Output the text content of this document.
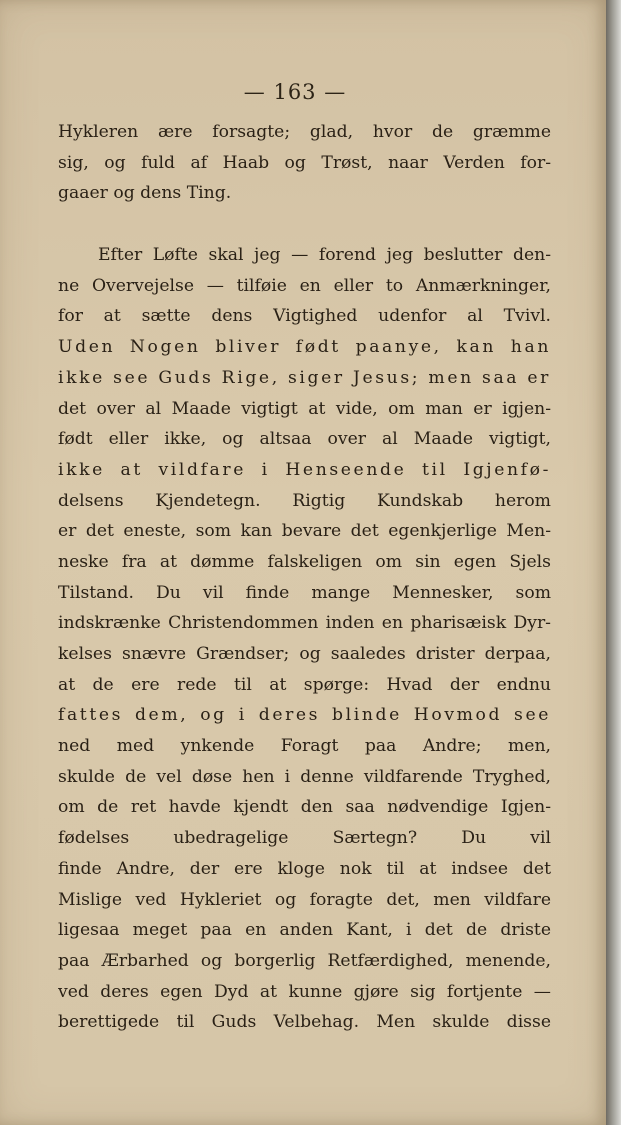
— 163 —
Hykleren ære forsagte; glad, hvor de græmme
sig, og fuld af Haab og Trøst, naar Verden for-
gaaer og dens Ting.
Efter Løfte skal jeg — forend jeg beslutter den-
ne Overvejelse — tilføie en eller to Anmærkninger,
for at sætte dens Vigtighed udenfor al Tvivl.
Uden Nogen bliver født paanye, kan han
ikke see Guds Rige, siger Jesus; men saa er
det over al Maade vigtigt at vide, om man er igjen-
født eller ikke, og altsaa over al Maade vigtigt,
ikke at vildfare i Henseende til Igjenfø-
delsens Kjendetegn. Rigtig Kundskab herom
er det eneste, som kan bevare det egenkjerlige Men-
neske fra at dømme falskeligen om sin egen Sjels
Tilstand. Du vil finde mange Mennesker, som
indskrænke Christendommen inden en pharisæisk Dyr-
kelses snævre Grændser; og saaledes drister derpaa,
at de ere rede til at spørge: Hvad der endnu
fattes dem, og i deres blinde Hovmod see
ned med ynkende Foragt paa Andre; men,
skulde de vel døse hen i denne vildfarende Tryghed,
om de ret havde kjendt den saa nødvendige Igjen-
fødelses ubedragelige Særtegn? Du vil
finde Andre, der ere kloge nok til at indsee det
Mislige ved Hykleriet og foragte det, men vildfare
ligesaa meget paa en anden Kant, i det de driste
paa Ærbarhed og borgerlig Retfærdighed, menende,
ved deres egen Dyd at kunne gjøre sig fortjente —
berettigede til Guds Velbehag. Men skulde disse
